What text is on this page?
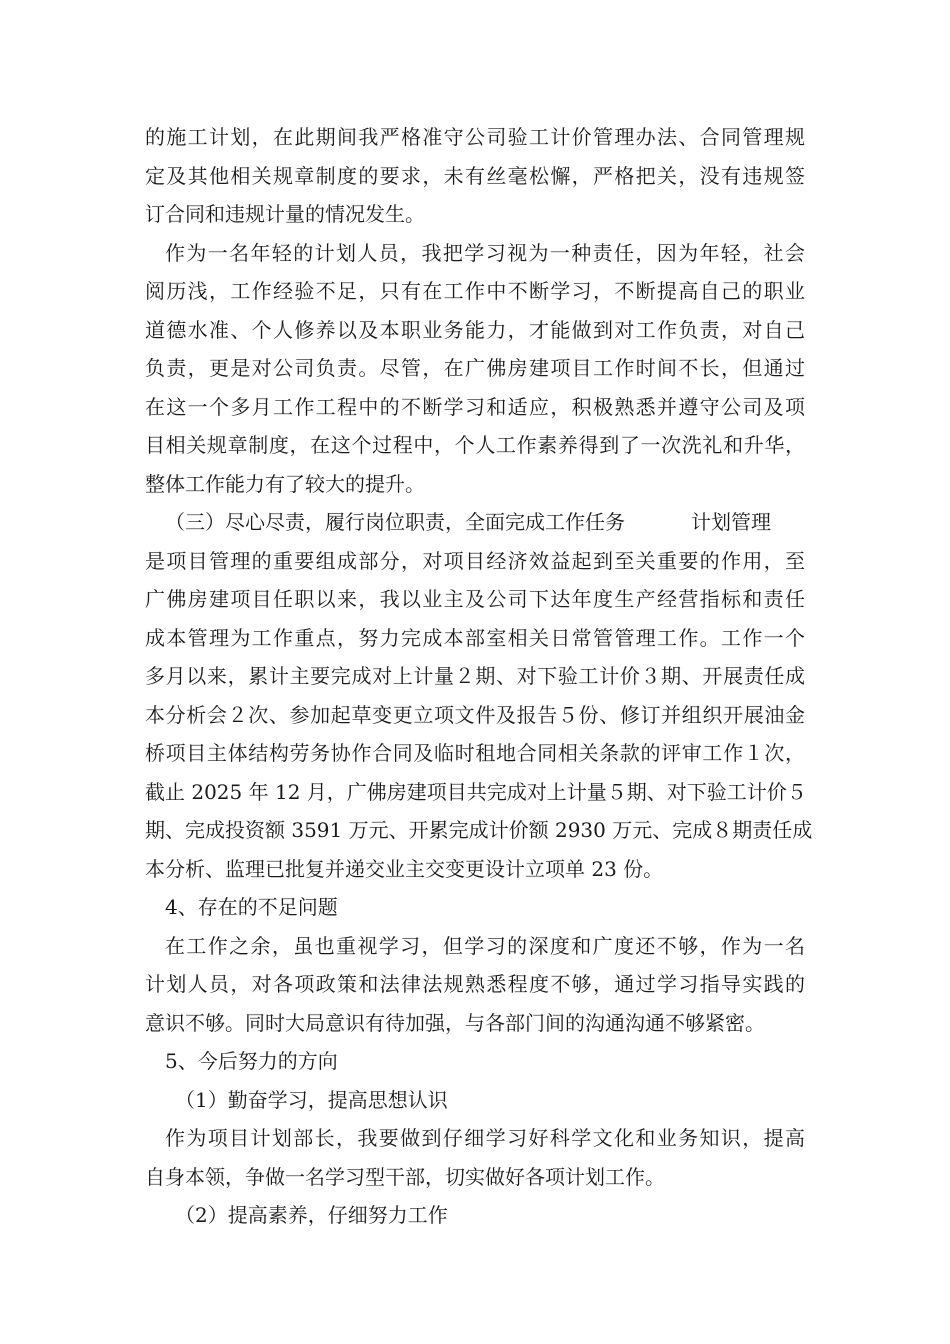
的施工计划，在此期间我严格准守公司验工计价管理办法、合同管理规
定及其他相关规章制度的要求，未有丝毫松懈，严格把关，没有违规签
订合同和违规计量的情况发生。
作为一名年轻的计划人员，我把学习视为一种责任，因为年轻，社会
阅历浅，工作经验不足，只有在工作中不断学习，不断提高自己的职业
道德水准、个人修养以及本职业务能力，才能做到对工作负责，对自己
负责，更是对公司负责。尽管，在广佛房建项目工作时间不长，但通过
在这一个多月工作工程中的不断学习和适应，积极熟悉并遵守公司及项
目相关规章制度，在这个过程中，个人工作素养得到了一次洗礼和升华，
整体工作能力有了较大的提升。
（三）尽心尽责，履行岗位职责，全面完成工作任务	计划管理
是项目管理的重要组成部分，对项目经济效益起到至关重要的作用，至
广佛房建项目任职以来，我以业主及公司下达年度生产经营指标和责任
成本管理为工作重点，努力完成本部室相关日常管管理工作。工作一个
多月以来，累计主要完成对上计量２期、对下验工计价３期、开展责任成
本分析会２次、参加起草变更立项文件及报告５份、修订并组织开展油金
桥项目主体结构劳务协作合同及临时租地合同相关条款的评审工作１次，
截止 2025 年 12 月，广佛房建项目共完成对上计量５期、对下验工计价５
期、完成投资额 3591 万元、开累完成计价额 2930 万元、完成８期责任成
本分析、监理已批复并递交业主交变更设计立项单 23 份。
4、存在的不足问题
在工作之余，虽也重视学习，但学习的深度和广度还不够，作为一名
计划人员，对各项政策和法律法规熟悉程度不够，通过学习指导实践的
意识不够。同时大局意识有待加强，与各部门间的沟通沟通不够紧密。
5、今后努力的方向
（1）勤奋学习，提高思想认识
作为项目计划部长，我要做到仔细学习好科学文化和业务知识，提高
自身本领，争做一名学习型干部，切实做好各项计划工作。
（2）提高素养，仔细努力工作
